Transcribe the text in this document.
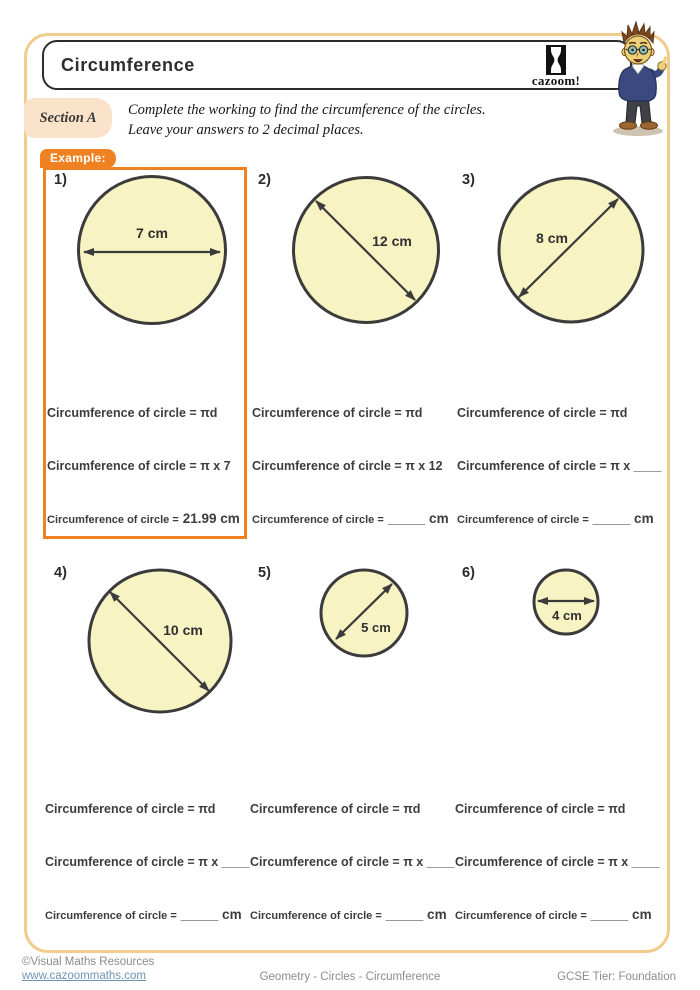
Circumference
cazoom!
Section A	Complete the working to find the circumference of the circles.
Leave your answers to 2 decimal places.
Example:
1)	2)	3)
4)	5)	6)
7 cm	12 cm	8 cm
10 cm	5 cm
4 cm
Circumference of circle = πd
Circumference of circle = π x 7
Circumference of circle = 21.99 cm
Circumference of circle = πd
Circumference of circle = π x 12
Circumference of circle = _____ cm
Circumference of circle = πd
Circumference of circle = π x ____
Circumference of circle = _____ cm
Circumference of circle = πd
Circumference of circle = π x ____
Circumference of circle = _____ cm
Circumference of circle = πd
Circumference of circle = π x ____
Circumference of circle = _____ cm
Circumference of circle = πd
Circumference of circle = π x ____
Circumference of circle = _____ cm
©Visual Maths Resources
www.cazoommaths.com	Geometry - Circles - Circumference	GCSE Tier: Foundation
